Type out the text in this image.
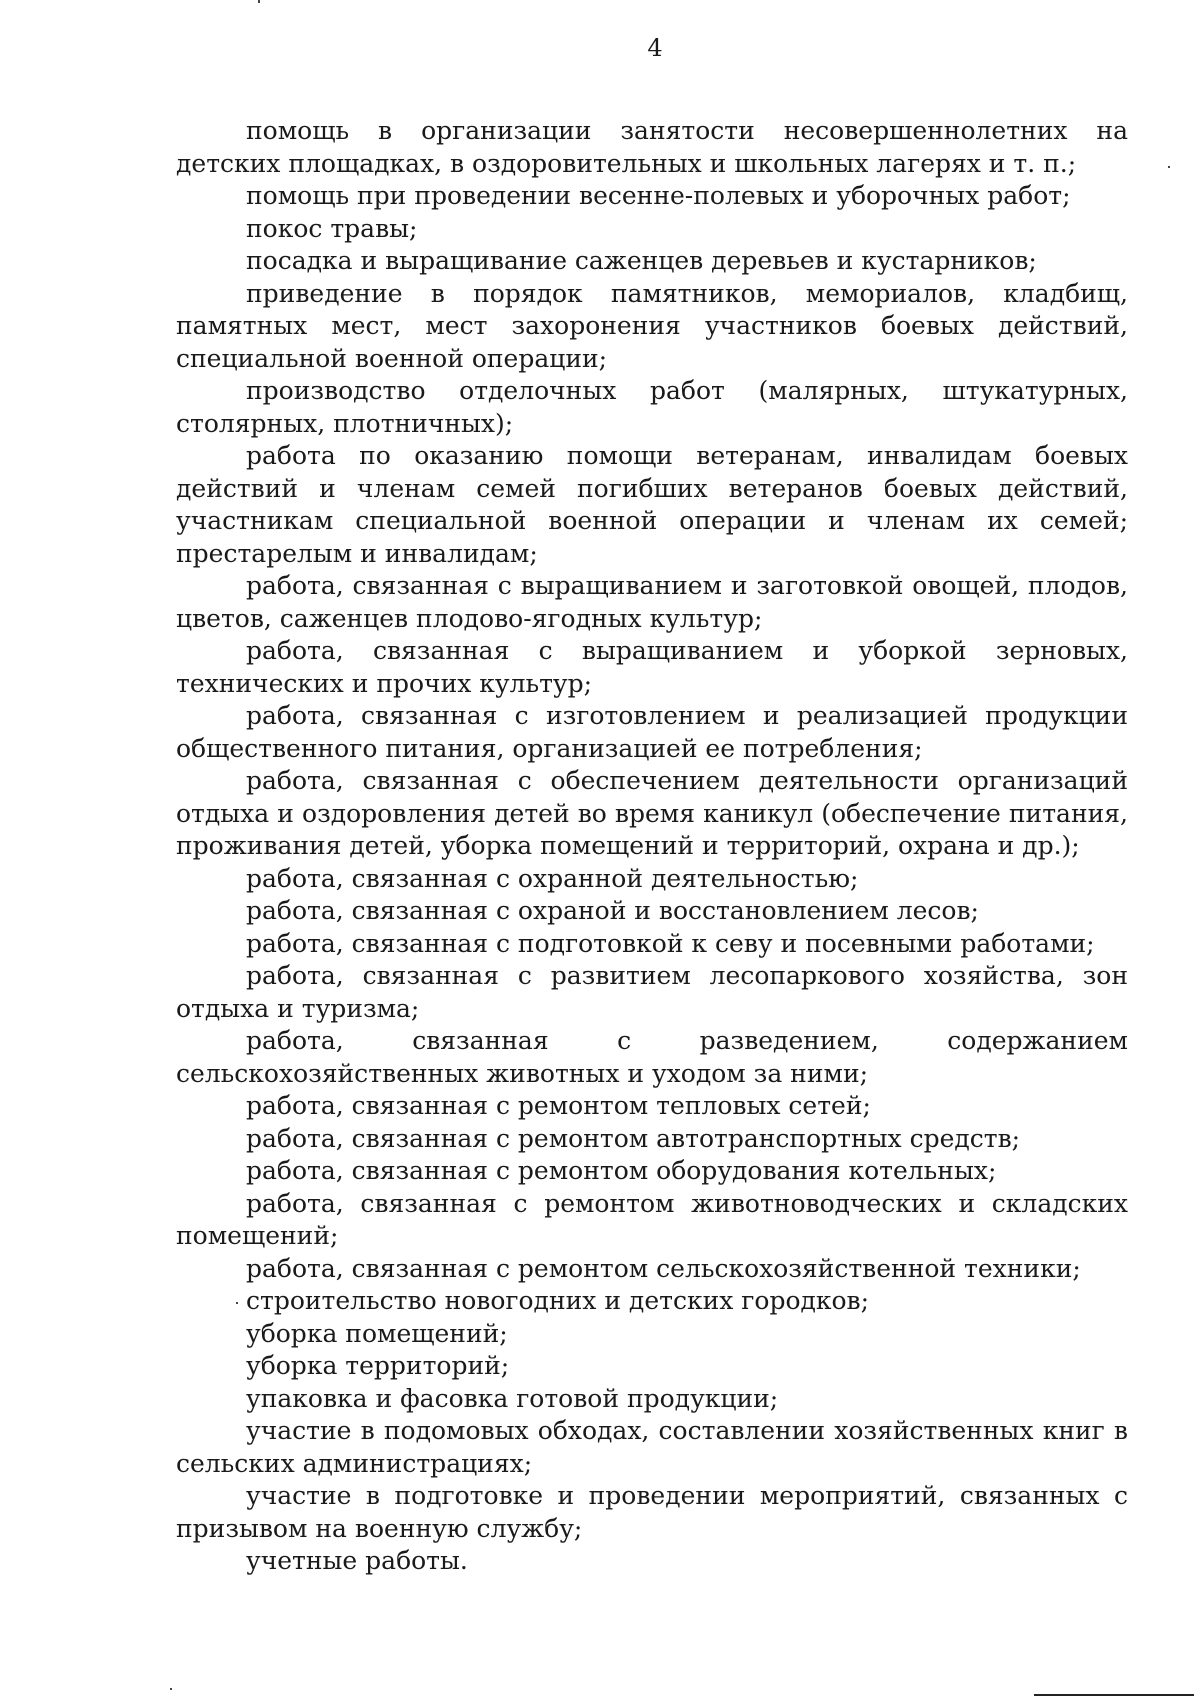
4

помощь в организации занятости несовершеннолетних на детских площадках, в оздоровительных и школьных лагерях и т. п.;

помощь при проведении весенне-полевых и уборочных работ;

покос травы;

посадка и выращивание саженцев деревьев и кустарников;

приведение в порядок памятников, мемориалов, кладбищ, памятных мест, мест захоронения участников боевых действий, специальной военной операции;

производство отделочных работ (малярных, штукатурных, столярных, плотничных);

работа по оказанию помощи ветеранам, инвалидам боевых действий и членам семей погибших ветеранов боевых действий, участникам специальной военной операции и членам их семей; престарелым и инвалидам;

работа, связанная с выращиванием и заготовкой овощей, плодов, цветов, саженцев плодово-ягодных культур;

работа, связанная с выращиванием и уборкой зерновых, технических и прочих культур;

работа, связанная с изготовлением и реализацией продукции общественного питания, организацией ее потребления;

работа, связанная с обеспечением деятельности организаций отдыха и оздоровления детей во время каникул (обеспечение питания, проживания детей, уборка помещений и территорий, охрана и др.);

работа, связанная с охранной деятельностью;

работа, связанная с охраной и восстановлением лесов;

работа, связанная с подготовкой к севу и посевными работами;

работа, связанная с развитием лесопаркового хозяйства, зон отдыха и туризма;

работа, связанная с разведением, содержанием сельскохозяйственных животных и уходом за ними;

работа, связанная с ремонтом тепловых сетей;

работа, связанная с ремонтом автотранспортных средств;

работа, связанная с ремонтом оборудования котельных;

работа, связанная с ремонтом животноводческих и складских помещений;

работа, связанная с ремонтом сельскохозяйственной техники;

строительство новогодних и детских городков;

уборка помещений;

уборка территорий;

упаковка и фасовка готовой продукции;

участие в подомовых обходах, составлении хозяйственных книг в сельских администрациях;

участие в подготовке и проведении мероприятий, связанных с призывом на военную службу;

учетные работы.
